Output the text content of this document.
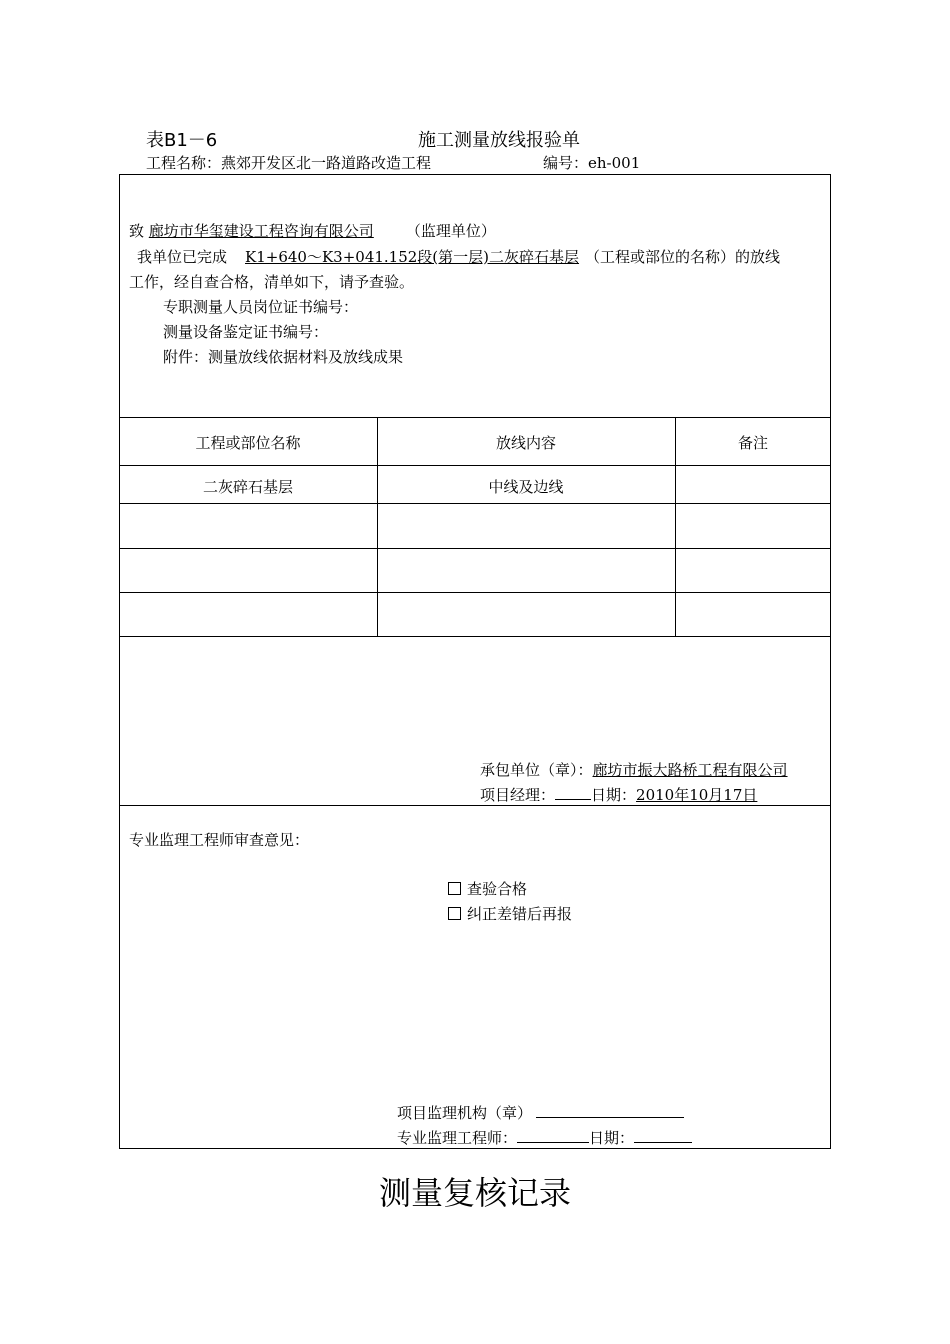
表B1－6	施工测量放线报验单
工程名称：燕郊开发区北一路道路改造工程	编号：eh-001
致 廊坊市华玺建设工程咨询有限公司 （监理单位）
我单位已完成 K1+640～K3+041.152段(第一层)二灰碎石基层 （工程或部位的名称）的放线
工作，经自查合格，清单如下，请予查验。
专职测量人员岗位证书编号：
测量设备鉴定证书编号：
附件：测量放线依据材料及放线成果
工程或部位名称	放线内容	备注
二灰碎石基层	中线及边线
承包单位（章）：廊坊市振大路桥工程有限公司
项目经理： 日期：2010年10月17日
专业监理工程师审查意见：
查验合格
纠正差错后再报
项目监理机构（章）
专业监理工程师：	日期：
测量复核记录
